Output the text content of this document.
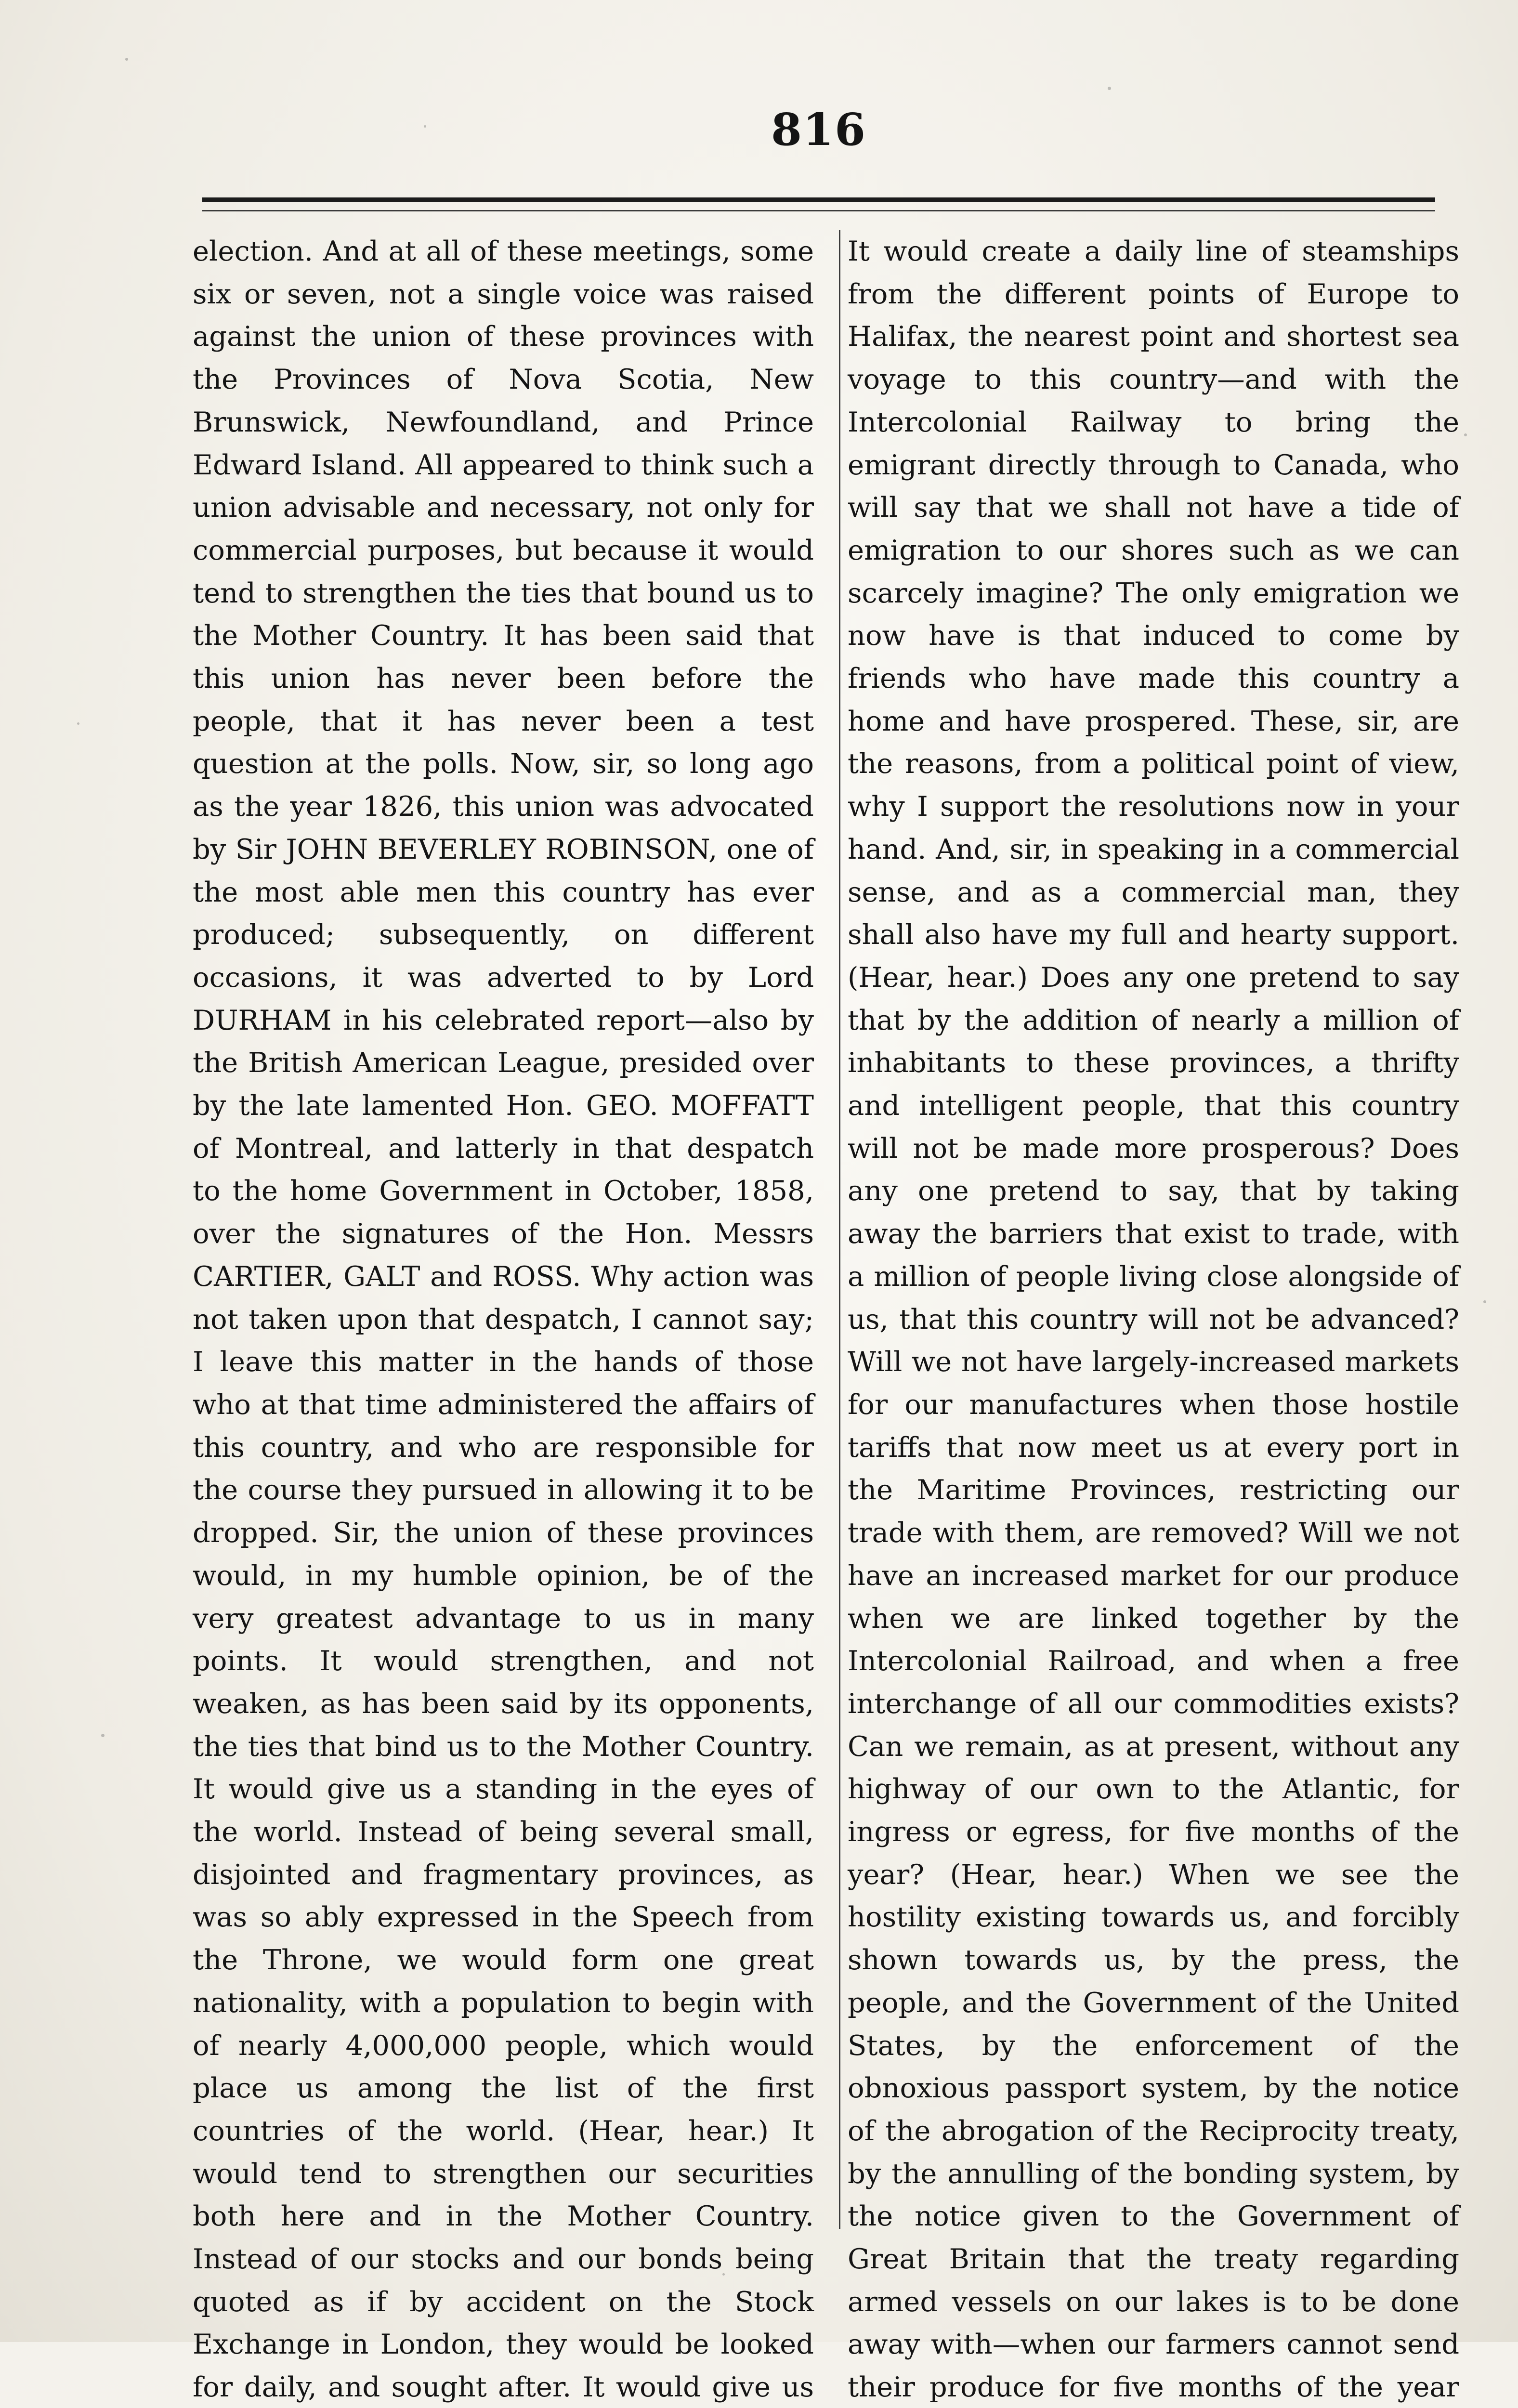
816

election. And at all of these meetings, some six or seven, not a single voice was raised against the union of these provinces with the Provinces of Nova Scotia, New Brunswick, Newfoundland, and Prince Edward Island. All appeared to think such a union advisable and necessary, not only for commercial purposes, but because it would tend to strengthen the ties that bound us to the Mother Country. It has been said that this union has never been before the people, that it has never been a test question at the polls. Now, sir, so long ago as the year 1826, this union was advocated by Sir JOHN BEVERLEY ROBINSON, one of the most able men this country has ever produced; subsequently, on different occasions, it was adverted to by Lord DURHAM in his celebrated report—also by the British American League, presided over by the late lamented Hon. GEO. MOFFATT of Montreal, and latterly in that despatch to the home Government in October, 1858, over the signatures of the Hon. Messrs CARTIER, GALT and ROSS. Why action was not taken upon that despatch, I cannot say; I leave this matter in the hands of those who at that time administered the affairs of this country, and who are responsible for the course they pursued in allowing it to be dropped. Sir, the union of these provinces would, in my humble opinion, be of the very greatest advantage to us in many points. It would strengthen, and not weaken, as has been said by its opponents, the ties that bind us to the Mother Country. It would give us a standing in the eyes of the world. Instead of being several small, disjointed and fragmentary provinces, as was so ably expressed in the Speech from the Throne, we would form one great nationality, with a population to begin with of nearly 4,000,000 people, which would place us among the list of the first countries of the world. (Hear, hear.) It would tend to strengthen our securities both here and in the Mother Country. Instead of our stocks and our bonds being quoted as if by accident on the Stock Exchange in London, they would be looked for daily, and sought after. It would give us

It would create a daily line of steamships from the different points of Europe to Halifax, the nearest point and shortest sea voyage to this country—and with the Intercolonial Railway to bring the emigrant directly through to Canada, who will say that we shall not have a tide of emigration to our shores such as we can scarcely imagine? The only emigration we now have is that induced to come by friends who have made this country a home and have prospered. These, sir, are the reasons, from a political point of view, why I support the resolutions now in your hand. And, sir, in speaking in a commercial sense, and as a commercial man, they shall also have my full and hearty support. (Hear, hear.) Does any one pretend to say that by the addition of nearly a million of inhabitants to these provinces, a thrifty and intelligent people, that this country will not be made more prosperous? Does any one pretend to say, that by taking away the barriers that exist to trade, with a million of people living close alongside of us, that this country will not be advanced? Will we not have largely-increased markets for our manufactures when those hostile tariffs that now meet us at every port in the Maritime Provinces, restricting our trade with them, are removed? Will we not have an increased market for our produce when we are linked together by the Intercolonial Railroad, and when a free interchange of all our commodities exists? Can we remain, as at present, without any highway of our own to the Atlantic, for ingress or egress, for five months of the year? (Hear, hear.) When we see the hostility existing towards us, and forcibly shown towards us, by the press, the people, and the Government of the United States, by the enforcement of the obnoxious passport system, by the notice of the abrogation of the Reciprocity treaty, by the annulling of the bonding system, by the notice given to the Government of Great Britain that the treaty regarding armed vessels on our lakes is to be done away with—when our farmers cannot send their produce for five months of the year
